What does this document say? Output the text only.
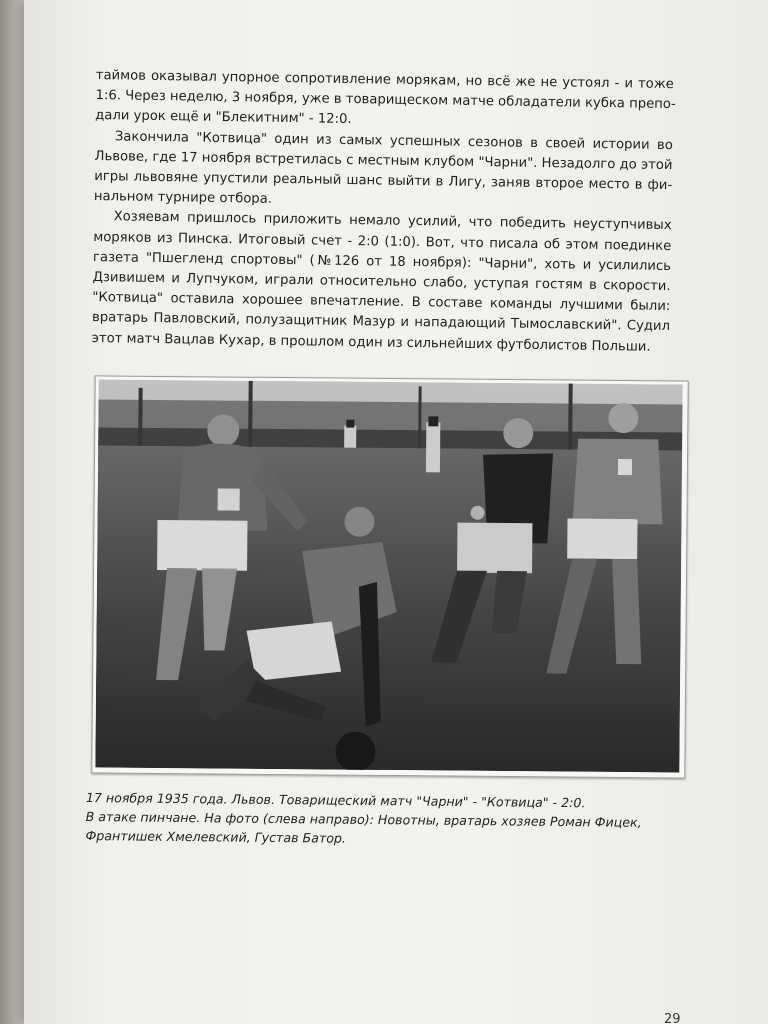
таймов оказывал упорное сопротивление морякам, но всё же не устоял - и тоже
1:6. Через неделю, 3 ноября, уже в товарищеском матче обладатели кубка препо-
дали урок ещё и "Блекитним" - 12:0.

Закончила "Котвица" один из самых успешных сезонов в своей истории во
Львове, где 17 ноября встретилась с местным клубом "Чарни". Незадолго до этой
игры львовяне упустили реальный шанс выйти в Лигу, заняв второе место в фи-
нальном турнире отбора.

Хозяевам пришлось приложить немало усилий, что победить неуступчивых
моряков из Пинска. Итоговый счет - 2:0 (1:0). Вот, что писала об этом поединке
газета "Пшегленд спортовы" (№126 от 18 ноября): "Чарни", хоть и усилились
Дзивишем и Лупчуком, играли относительно слабо, уступая гостям в скорости.
"Котвица" оставила хорошее впечатление. В составе команды лучшими были:
вратарь Павловский, полузащитник Мазур и нападающий Тымославский". Судил
этот матч Вацлав Кухар, в прошлом один из сильнейших футболистов Польши.

17 ноября 1935 года. Львов. Товарищеский матч "Чарни" - "Котвица" - 2:0.
В атаке пинчане. На фото (слева направо): Новотны, вратарь хозяев Роман Фицек,
Франтишек Хмелевский, Густав Батор.
29
